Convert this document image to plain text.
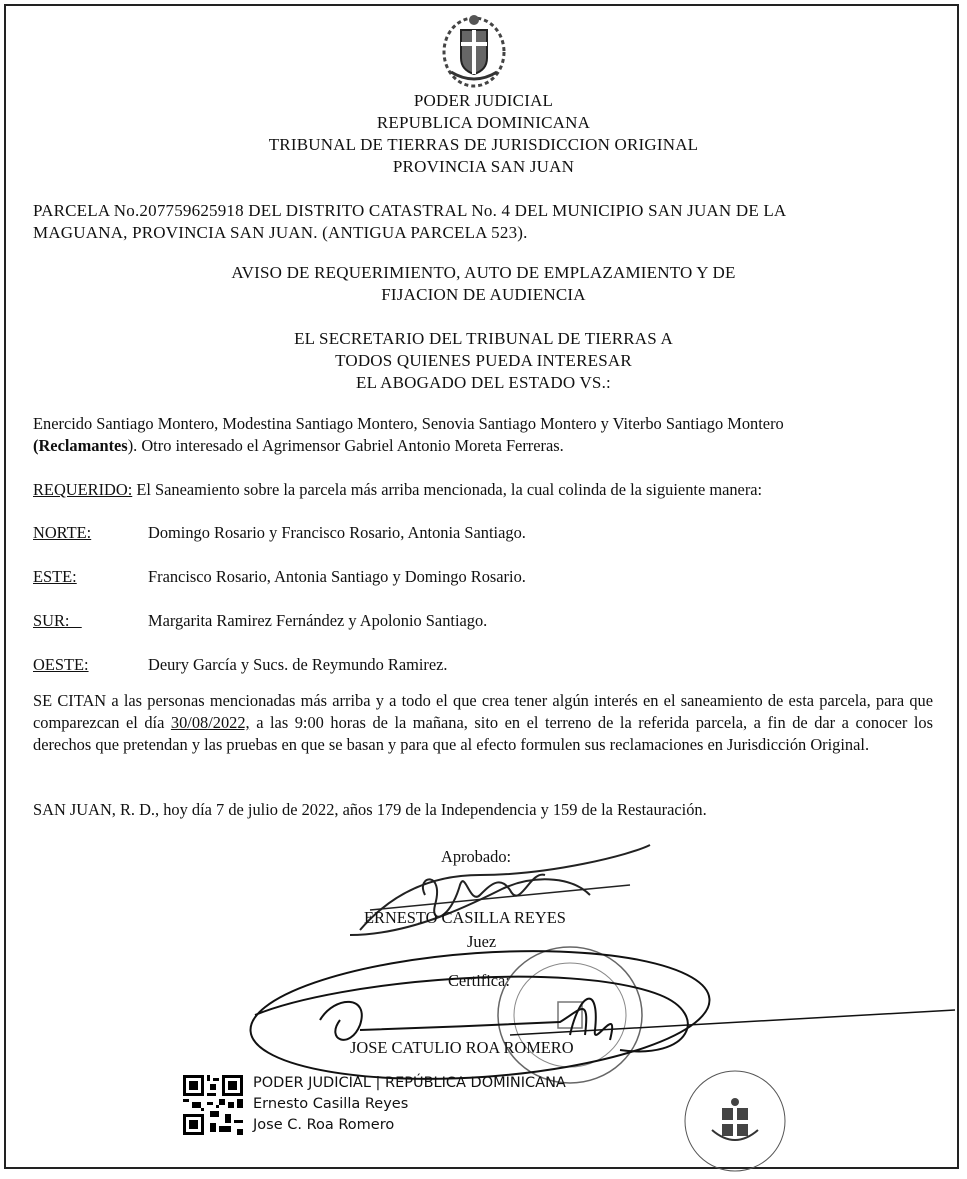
PODER JUDICIAL
REPUBLICA DOMINICANA
TRIBUNAL DE TIERRAS DE JURISDICCION ORIGINAL
PROVINCIA SAN JUAN
PARCELA No.207759625918 DEL DISTRITO CATASTRAL No. 4 DEL MUNICIPIO SAN JUAN DE LA
MAGUANA, PROVINCIA SAN JUAN. (ANTIGUA PARCELA 523).
AVISO DE REQUERIMIENTO, AUTO DE EMPLAZAMIENTO Y DE
FIJACION DE AUDIENCIA
EL SECRETARIO DEL TRIBUNAL DE TIERRAS A
TODOS QUIENES PUEDA INTERESAR
EL ABOGADO DEL ESTADO VS.:
Enercido Santiago Montero, Modestina Santiago Montero, Senovia Santiago Montero y Viterbo Santiago Montero
(Reclamantes). Otro interesado el Agrimensor Gabriel Antonio Moreta Ferreras.
REQUERIDO: El Saneamiento sobre la parcela más arriba mencionada, la cual colinda de la siguiente manera:
NORTE:	Domingo Rosario y Francisco Rosario, Antonia Santiago.
ESTE:	Francisco Rosario, Antonia Santiago y Domingo Rosario.
SUR:	Margarita Ramirez Fernández y Apolonio Santiago.
OESTE:	Deury García y Sucs. de Reymundo Ramirez.
SE CITAN a las personas mencionadas más arriba y a todo el que crea tener algún interés en el saneamiento de esta parcela, para que comparezcan el día 30/08/2022, a las 9:00 horas de la mañana, sito en el terreno de la referida parcela, a fin de dar a conocer los derechos que pretendan y las pruebas en que se basan y para que al efecto formulen sus reclamaciones en Jurisdicción Original.
SAN JUAN, R. D., hoy día 7 de julio de 2022, años 179 de la Independencia y 159 de la Restauración.
Aprobado:
ERNESTO CASILLA REYES
Juez
Certifica:
JOSE CATULIO ROA ROMERO
PODER JUDICIAL | REPÚBLICA DOMINICANA
Ernesto Casilla Reyes
Jose C. Roa Romero
